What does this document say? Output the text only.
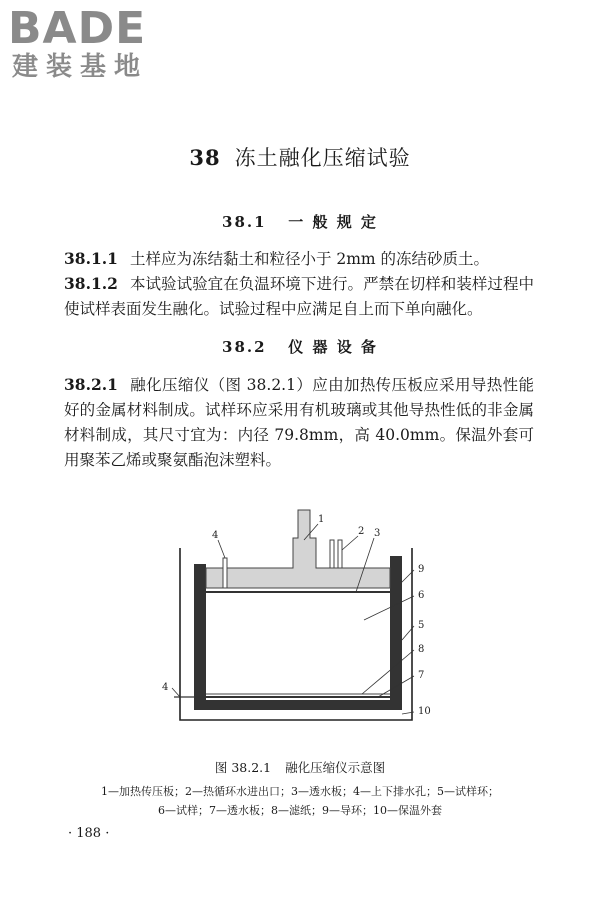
BADE
建装基地
38 冻土融化压缩试验
38.1 一 般 规 定
38.1.1 土样应为冻结黏土和粒径小于 2mm 的冻结砂质土。
38.1.2 本试验试验宜在负温环境下进行。严禁在切样和装样过程中使试样表面发生融化。试验过程中应满足自上而下单向融化。
38.2 仪 器 设 备
38.2.1 融化压缩仪（图 38.2.1）应由加热传压板应采用导热性能好的金属材料制成。试样环应采用有机玻璃或其他导热性低的非金属材料制成，其尺寸宜为：内径 79.8mm，高 40.0mm。保温外套可用聚苯乙烯或聚氨酯泡沫塑料。
1
2 3
4
4
5
6
7
8
9
10
图 38.2.1 融化压缩仪示意图
1—加热传压板；2—热循环水进出口；3—透水板；4—上下排水孔；5—试样环；
6—试样；7—透水板；8—滤纸；9—导环；10—保温外套
· 188 ·
